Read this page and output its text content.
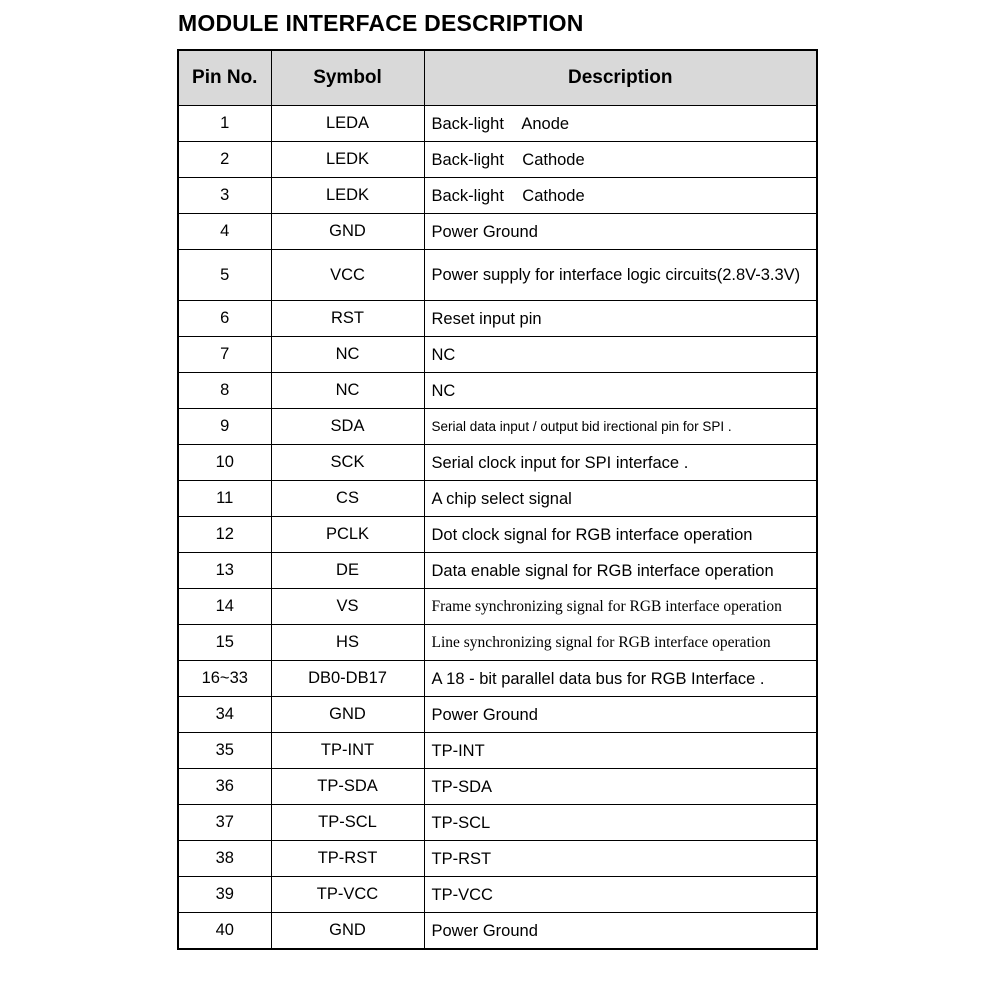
MODULE INTERFACE DESCRIPTION
Pin No.	Symbol	Description
1	LEDA	Back-light    Anode
2	LEDK	Back-light    Cathode
3	LEDK	Back-light    Cathode
4	GND	Power Ground
5	VCC	Power supply for interface logic circuits(2.8V-3.3V)
6	RST	Reset input pin
7	NC	NC
8	NC	NC
9	SDA	Serial data input / output bid irectional pin for SPI .
10	SCK	Serial clock input for SPI interface .
11	CS	A chip select signal
12	PCLK	Dot clock signal for RGB interface operation
13	DE	Data enable signal for RGB interface operation
14	VS	Frame synchronizing signal for RGB interface operation
15	HS	Line synchronizing signal for RGB interface operation
16~33	DB0-DB17	A 18 - bit parallel data bus for RGB Interface .
34	GND	Power Ground
35	TP-INT	TP-INT
36	TP-SDA	TP-SDA
37	TP-SCL	TP-SCL
38	TP-RST	TP-RST
39	TP-VCC	TP-VCC
40	GND	Power Ground
